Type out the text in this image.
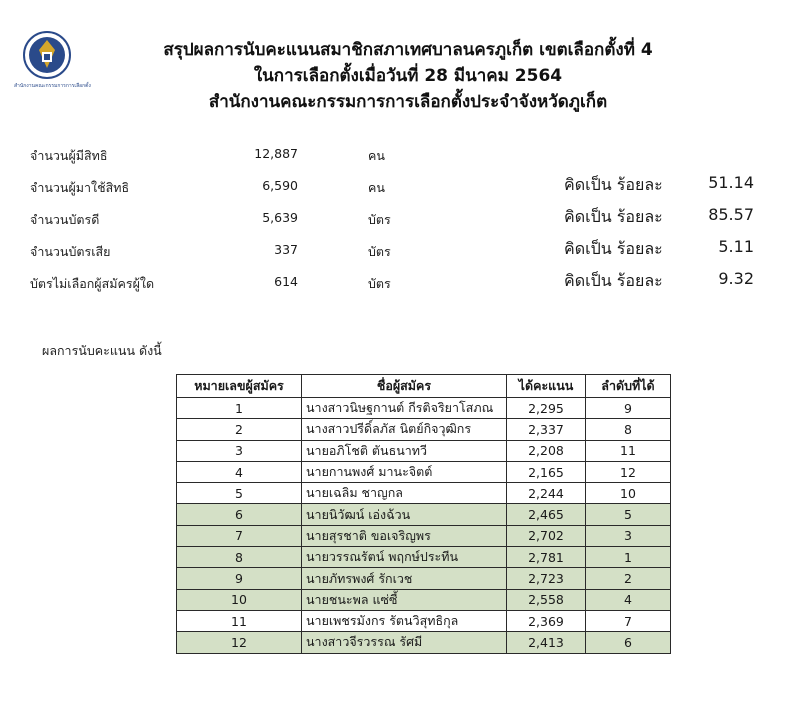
สำนักงานคณะกรรมการการเลือกตั้ง
สรุปผลการนับคะแนนสมาชิกสภาเทศบาลนครภูเก็ต เขตเลือกตั้งที่ 4
ในการเลือกตั้งเมื่อวันที่ 28 มีนาคม 2564
สำนักงานคณะกรรมการการเลือกตั้งประจำจังหวัดภูเก็ต
จำนวนผู้มีสิทธิ	12,887	คน
จำนวนผู้มาใช้สิทธิ	6,590	คน	คิดเป็น ร้อยละ	51.14
จำนวนบัตรดี	5,639	บัตร	คิดเป็น ร้อยละ	85.57
จำนวนบัตรเสีย	337	บัตร	คิดเป็น ร้อยละ	5.11
บัตรไม่เลือกผู้สมัครผู้ใด	614	บัตร	คิดเป็น ร้อยละ	9.32
ผลการนับคะแนน ดังนี้
หมายเลขผู้สมัคร	ชื่อผู้สมัคร	ได้คะแนน	ลำดับที่ได้
1	นางสาวนิษฐกานต์ กีรติจริยาโสภณ	2,295	9
2	นางสาวปรีดิ์ลภัส นิตย์กิจวุฒิกร	2,337	8
3	นายอภิโชติ ตันธนาทวี	2,208	11
4	นายกานพงศ์ มานะจิตต์	2,165	12
5	นายเฉลิม ชาญกล	2,244	10
6	นายนิวัฒน์ เอ่งฉ้วน	2,465	5
7	นายสุรชาติ ขอเจริญพร	2,702	3
8	นายวรรณรัตน์ พฤกษ์ประทีน	2,781	1
9	นายภัทรพงศ์ รักเวช	2,723	2
10	นายชนะพล แซ่ซี้	2,558	4
11	นายเพชรมังกร รัตนวิสุทธิกุล	2,369	7
12	นางสาวจีรวรรณ รัศมี	2,413	6
